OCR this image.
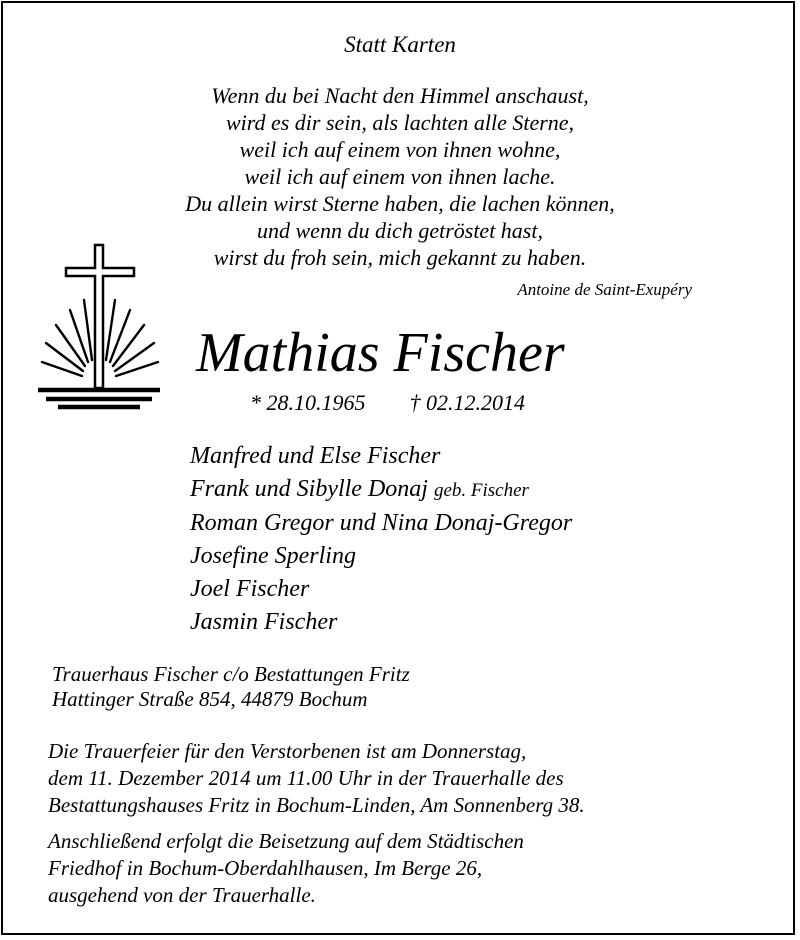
Statt Karten
Wenn du bei Nacht den Himmel anschaust,
wird es dir sein, als lachten alle Sterne,
weil ich auf einem von ihnen wohne,
weil ich auf einem von ihnen lache.
Du allein wirst Sterne haben, die lachen können,
und wenn du dich getröstet hast,
wirst du froh sein, mich gekannt zu haben.
Antoine de Saint-Exupéry
Mathias Fischer
* 28.10.1965 † 02.12.2014
Manfred und Else Fischer
Frank und Sibylle Donaj geb. Fischer
Roman Gregor und Nina Donaj-Gregor
Josefine Sperling
Joel Fischer
Jasmin Fischer
Trauerhaus Fischer c/o Bestattungen Fritz
Hattinger Straße 854, 44879 Bochum
Die Trauerfeier für den Verstorbenen ist am Donnerstag,
dem 11. Dezember 2014 um 11.00 Uhr in der Trauerhalle des
Bestattungshauses Fritz in Bochum-Linden, Am Sonnenberg 38.
Anschließend erfolgt die Beisetzung auf dem Städtischen
Friedhof in Bochum-Oberdahlhausen, Im Berge 26,
ausgehend von der Trauerhalle.
